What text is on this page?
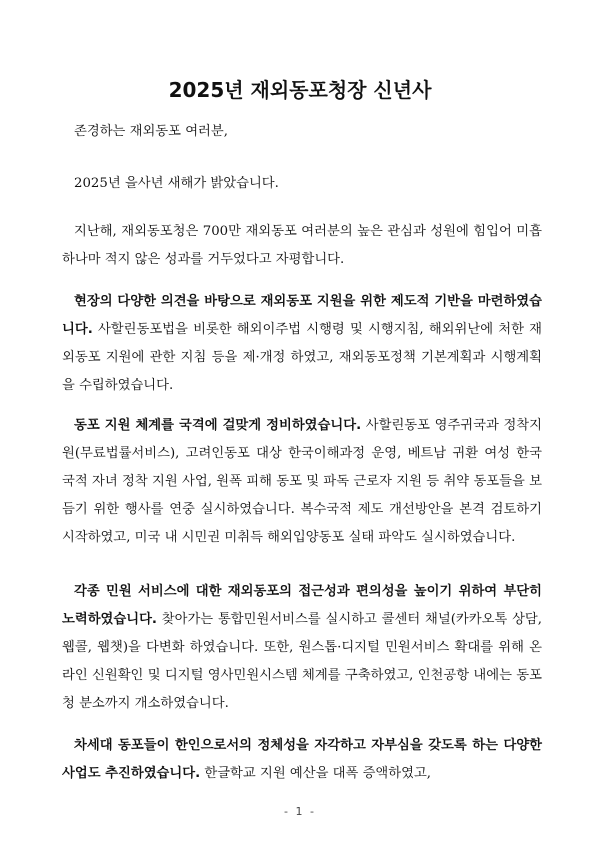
2025년 재외동포청장 신년사
존경하는 재외동포 여러분,
2025년 을사년 새해가 밝았습니다.
지난해, 재외동포청은 700만 재외동포 여러분의 높은 관심과 성원에 힘입어 미흡하나마 적지 않은 성과를 거두었다고 자평합니다.
현장의 다양한 의견을 바탕으로 재외동포 지원을 위한 제도적 기반을 마련하였습니다. 사할린동포법을 비롯한 해외이주법 시행령 및 시행지침, 해외위난에 처한 재외동포 지원에 관한 지침 등을 제·개정 하였고, 재외동포정책 기본계획과 시행계획을 수립하였습니다.
동포 지원 체계를 국격에 걸맞게 정비하였습니다. 사할린동포 영주귀국과 정착지원(무료법률서비스), 고려인동포 대상 한국이해과정 운영, 베트남 귀환 여성 한국 국적 자녀 정착 지원 사업, 원폭 피해 동포 및 파독 근로자 지원 등 취약 동포들을 보듬기 위한 행사를 연중 실시하였습니다. 복수국적 제도 개선방안을 본격 검토하기 시작하였고, 미국 내 시민권 미취득 해외입양동포 실태 파악도 실시하였습니다.
각종 민원 서비스에 대한 재외동포의 접근성과 편의성을 높이기 위하여 부단히 노력하였습니다. 찾아가는 통합민원서비스를 실시하고 콜센터 채널(카카오톡 상담, 웹콜, 웹챗)을 다변화 하였습니다. 또한, 원스톱·디지털 민원서비스 확대를 위해 온라인 신원확인 및 디지털 영사민원시스템 체계를 구축하였고, 인천공항 내에는 동포청 분소까지 개소하였습니다.
차세대 동포들이 한인으로서의 정체성을 자각하고 자부심을 갖도록 하는 다양한 사업도 추진하였습니다. 한글학교 지원 예산을 대폭 증액하였고,
- 1 -
